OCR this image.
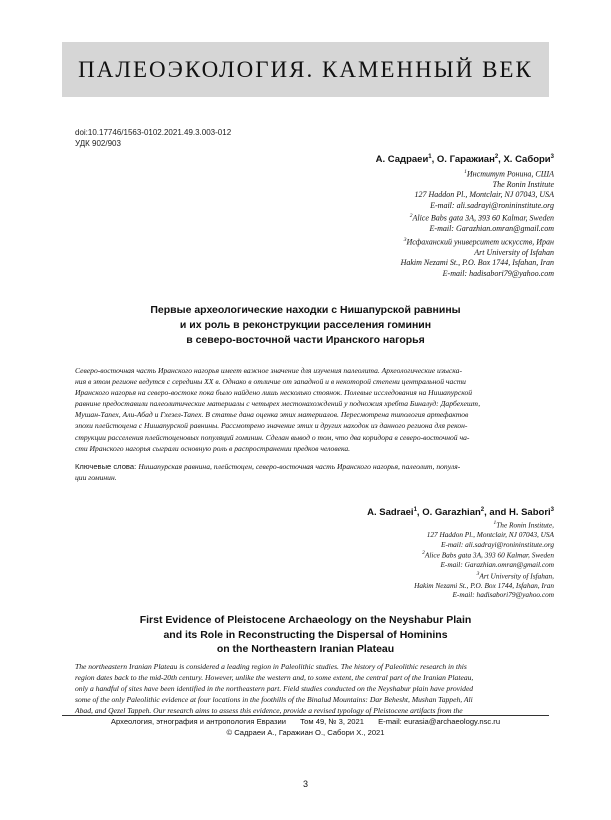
ПАЛЕОЭКОЛОГИЯ. КАМЕННЫЙ ВЕК
doi:10.17746/1563-0102.2021.49.3.003-012
УДК 902/903
А. Садраеи$^1$, О. Гаражиан$^2$, Х. Сабори$^3$
$^1$Институт Ронина, США
The Ronin Institute
127 Haddon Pl., Montclair, NJ 07043, USA
E-mail: ali.sadrayi@ronininstitute.org
$^2$Alice Babs gata 3A, 393 60 Kalmar, Sweden
E-mail: Garazhian.omran@gmail.com
$^3$Исфаханский университет искусств, Иран
Art University of Isfahan
Hakim Nezami St., P.O. Box 1744, Isfahan, Iran
E-mail: hadisabori79@yahoo.com
Первые археологические находки с Нишапурской равнины
и их роль в реконструкции расселения гоминин
в северо-восточной части Иранского нагорья
Северо-восточная часть Иранского нагорья имеет важное значение для изучения палеолита. Археологические изыска-
ния в этом регионе ведутся с середины XX в. Однако в отличие от западной и в некоторой степени центральной части
Иранского нагорья на северо-востоке пока было найдено лишь несколько стоянок. Полевые исследования на Нишапурской
равнине предоставили палеолитические материалы с четырех местонахождений у подножия хребта Биналуд: Дарбехешт,
Мушан-Тапех, Али-Абад и Гхезел-Тапех. В статье дана оценка этих материалов. Пересмотрена типология артефактов
эпохи плейстоцена с Нишапурской равнины. Рассмотрено значение этих и других находок из данного региона для рекон-
струкции расселения плейстоценовых популяций гоминин. Сделан вывод о том, что два коридора в северо-восточной ча-
сти Иранского нагорья сыграли основную роль в распространении предков человека.
Ключевые слова: Нишапурская равнина, плейстоцен, северо-восточная часть Иранского нагорья, палеолит, популя-
ции гоминин.
A. Sadraei$^1$, O. Garazhian$^2$, and H. Sabori$^3$
$^1$The Ronin Institute,
127 Haddon Pl., Montclair, NJ 07043, USA
E-mail: ali.sadrayi@ronininstitute.org
$^2$Alice Babs gata 3A, 393 60 Kalmar, Sweden
E-mail: Garazhian.omran@gmail.com
$^3$Art University of Isfahan,
Hakim Nezami St., P.O. Box 1744, Isfahan, Iran
E-mail: hadisabori79@yahoo.com
First Evidence of Pleistocene Archaeology on the Neyshabur Plain
and its Role in Reconstructing the Dispersal of Hominins
on the Northeastern Iranian Plateau
The northeastern Iranian Plateau is considered a leading region in Paleolithic studies. The history of Paleolithic research in this
region dates back to the mid-20th century. However, unlike the western and, to some extent, the central part of the Iranian Plateau,
only a handful of sites have been identified in the northeastern part. Field studies conducted on the Neyshabur plain have provided
some of the only Paleolithic evidence at four locations in the foothills of the Binalud Mountains: Dar Behesht, Mushan Tappeh, Ali
Abad, and Qezel Tappeh. Our research aims to assess this evidence, provide a revised typology of Pleistocene artifacts from the
Археология, этнография и антропология Евразии Том 49, № 3, 2021 E-mail: eurasia@archaeology.nsc.ru
© Садраеи А., Гаражиан О., Сабори Х., 2021
3
